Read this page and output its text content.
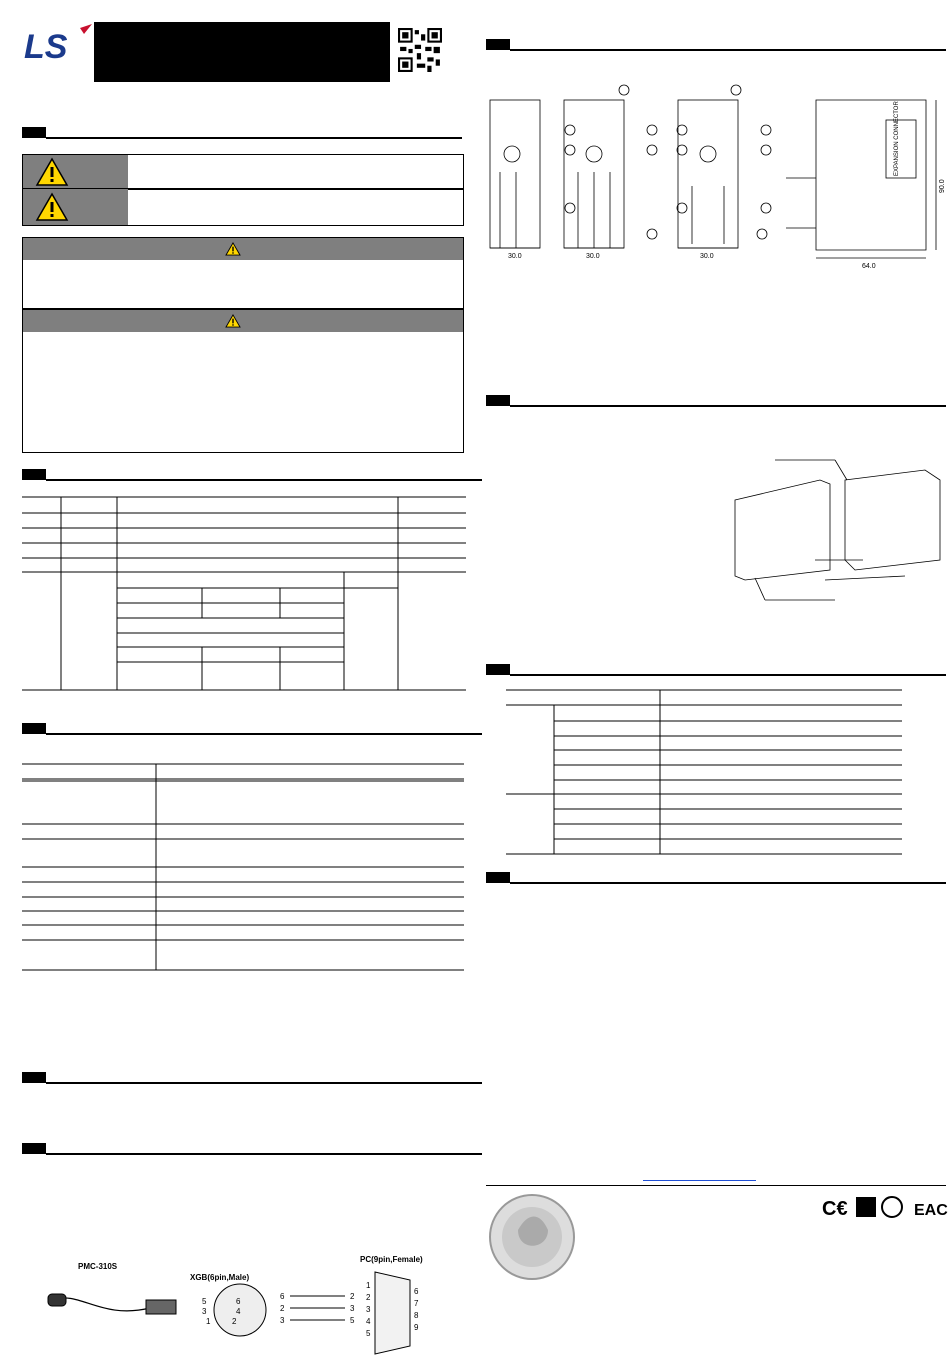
LS
30.0	30.0	30.0
64.0
90.0
EXPANSION CONNECTOR
PMC-310S
XGB(6pin,Male)
PC(9pin,Female)
5	6
3	4
1	2
6
2
3
2
3
5
1
2
3
4
5
6
7
8
9
C€	EAC
